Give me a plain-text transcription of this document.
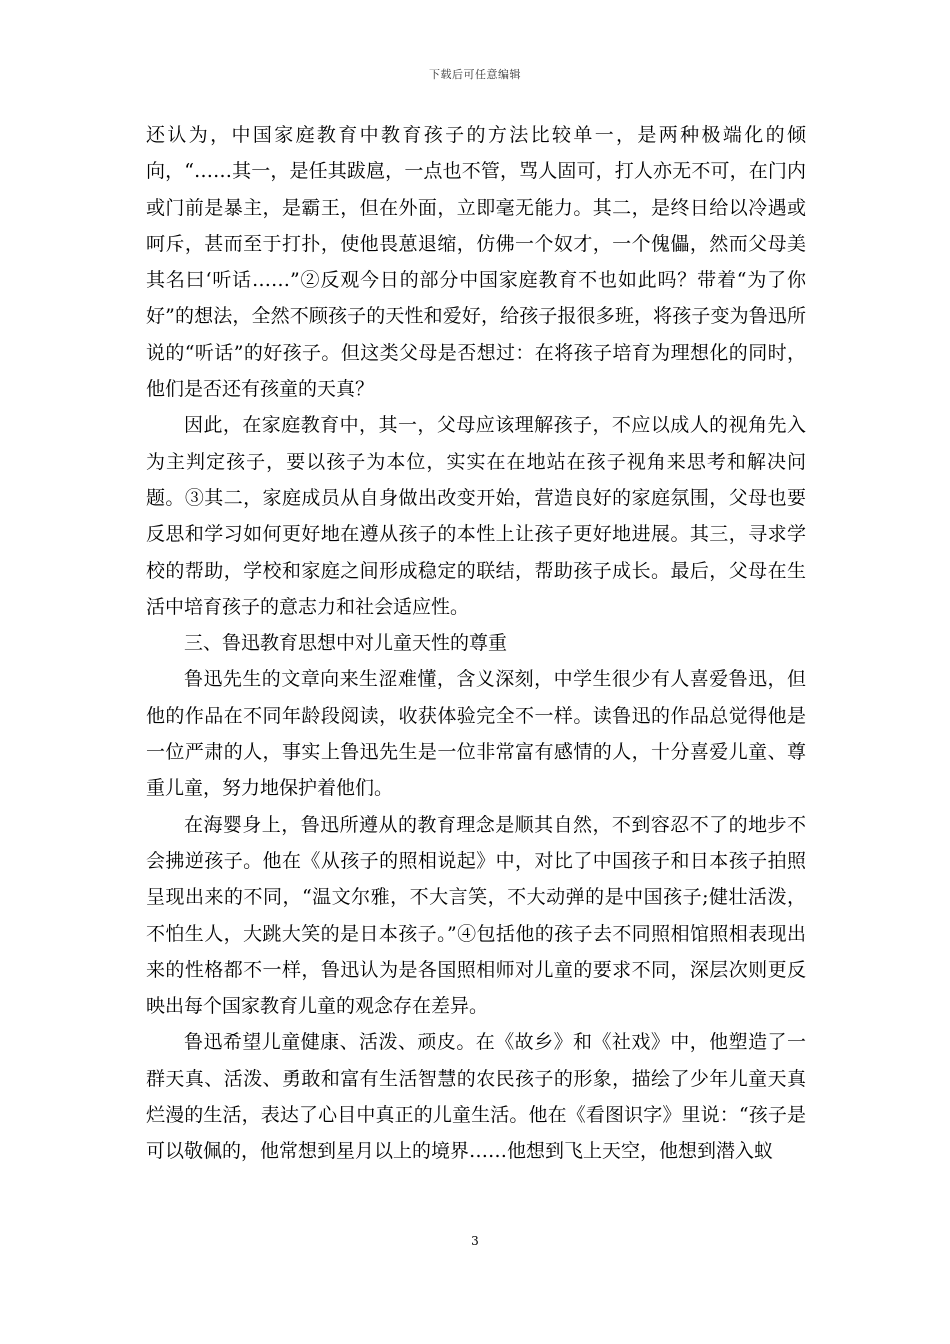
下载后可任意编辑

还认为，中国家庭教育中教育孩子的方法比较单一，是两种极端化的倾向，“……其一，是任其跋扈，一点也不管，骂人固可，打人亦无不可，在门内或门前是暴主，是霸王，但在外面，立即毫无能力。其二，是终日给以冷遇或呵斥，甚而至于打扑，使他畏葸退缩，仿佛一个奴才，一个傀儡，然而父母美其名曰‘听话……”②反观今日的部分中国家庭教育不也如此吗？带着“为了你好”的想法，全然不顾孩子的天性和爱好，给孩子报很多班，将孩子变为鲁迅所说的“听话”的好孩子。但这类父母是否想过：在将孩子培育为理想化的同时，他们是否还有孩童的天真？

因此，在家庭教育中，其一，父母应该理解孩子，不应以成人的视角先入为主判定孩子，要以孩子为本位，实实在在地站在孩子视角来思考和解决问题。③其二，家庭成员从自身做出改变开始，营造良好的家庭氛围，父母也要反思和学习如何更好地在遵从孩子的本性上让孩子更好地进展。其三，寻求学校的帮助，学校和家庭之间形成稳定的联结，帮助孩子成长。最后，父母在生活中培育孩子的意志力和社会适应性。

三、鲁迅教育思想中对儿童天性的尊重

鲁迅先生的文章向来生涩难懂，含义深刻，中学生很少有人喜爱鲁迅，但他的作品在不同年龄段阅读，收获体验完全不一样。读鲁迅的作品总觉得他是一位严肃的人，事实上鲁迅先生是一位非常富有感情的人，十分喜爱儿童、尊重儿童，努力地保护着他们。

在海婴身上，鲁迅所遵从的教育理念是顺其自然，不到容忍不了的地步不会拂逆孩子。他在《从孩子的照相说起》中，对比了中国孩子和日本孩子拍照呈现出来的不同，“温文尔雅，不大言笑，不大动弹的是中国孩子;健壮活泼，不怕生人，大跳大笑的是日本孩子。”④包括他的孩子去不同照相馆照相表现出来的性格都不一样，鲁迅认为是各国照相师对儿童的要求不同，深层次则更反映出每个国家教育儿童的观念存在差异。

鲁迅希望儿童健康、活泼、顽皮。在《故乡》和《社戏》中，他塑造了一群天真、活泼、勇敢和富有生活智慧的农民孩子的形象，描绘了少年儿童天真烂漫的生活，表达了心目中真正的儿童生活。他在《看图识字》里说：“孩子是可以敬佩的，他常想到星月以上的境界……他想到飞上天空，他想到潜入蚁

3
